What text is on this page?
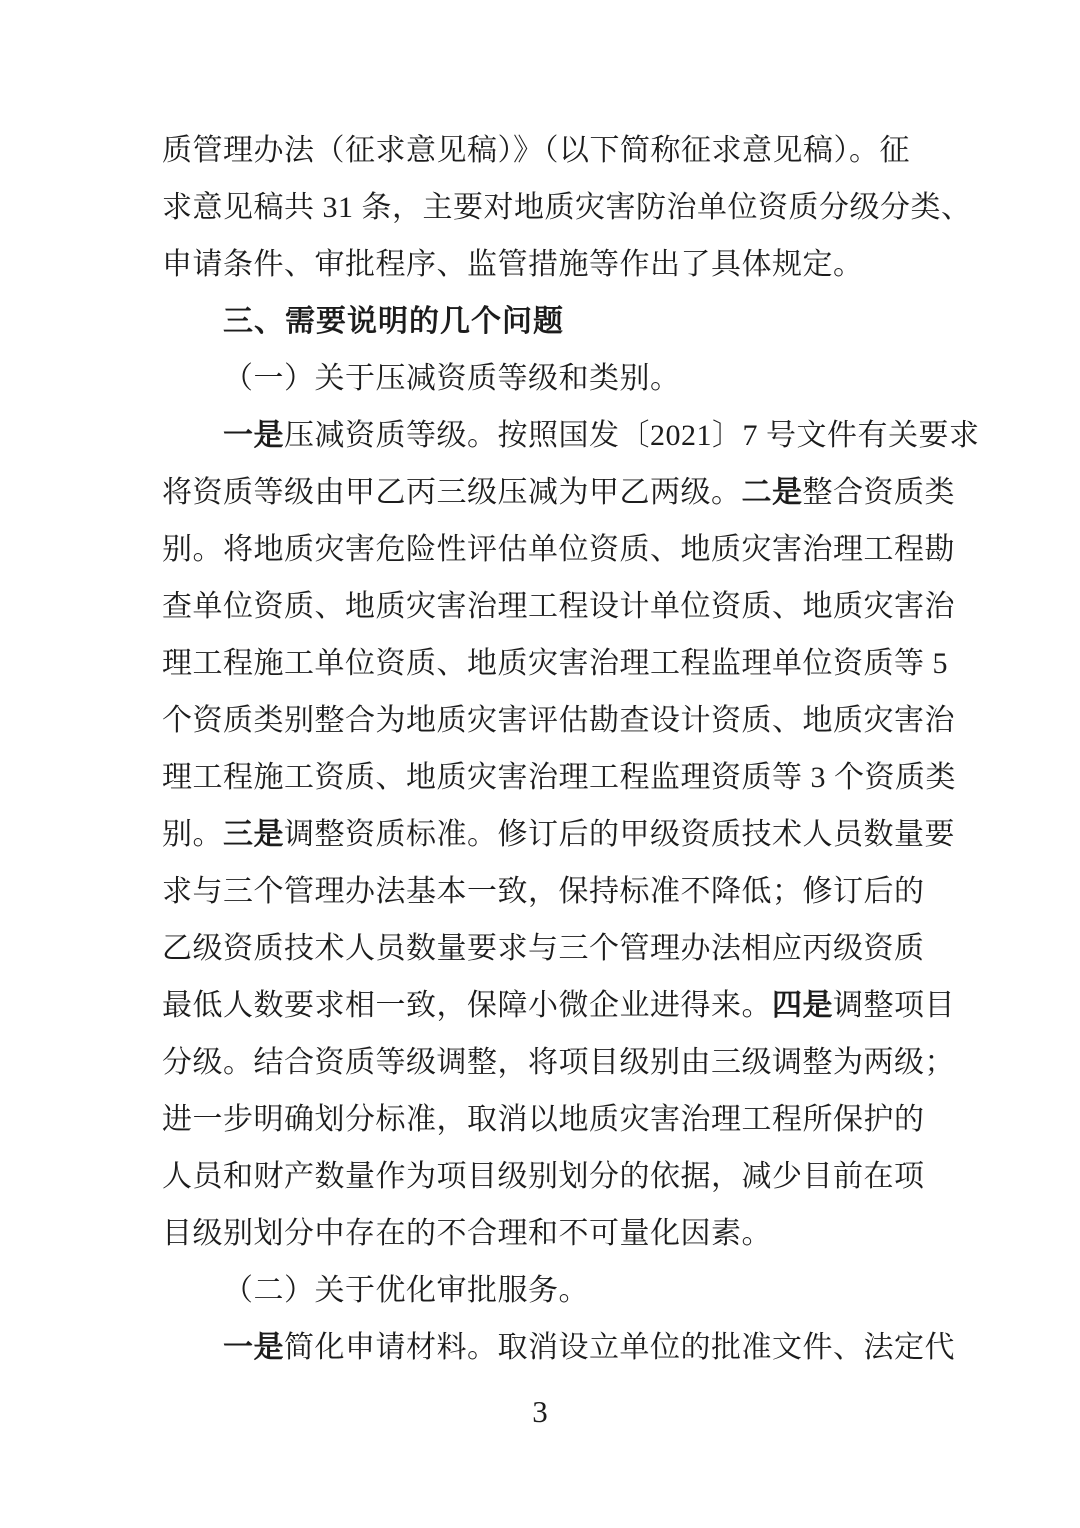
质管理办法（征求意见稿）》（以下简称征求意见稿）。征
求意见稿共 31 条，主要对地质灾害防治单位资质分级分类、
申请条件、审批程序、监管措施等作出了具体规定。
三、需要说明的几个问题
（一）关于压减资质等级和类别。
一是压减资质等级。按照国发〔2021〕7 号文件有关要求
将资质等级由甲乙丙三级压减为甲乙两级。二是整合资质类
别。将地质灾害危险性评估单位资质、地质灾害治理工程勘
查单位资质、地质灾害治理工程设计单位资质、地质灾害治
理工程施工单位资质、地质灾害治理工程监理单位资质等 5
个资质类别整合为地质灾害评估勘查设计资质、地质灾害治
理工程施工资质、地质灾害治理工程监理资质等 3 个资质类
别。三是调整资质标准。修订后的甲级资质技术人员数量要
求与三个管理办法基本一致，保持标准不降低；修订后的
乙级资质技术人员数量要求与三个管理办法相应丙级资质
最低人数要求相一致，保障小微企业进得来。四是调整项目
分级。结合资质等级调整，将项目级别由三级调整为两级；
进一步明确划分标准，取消以地质灾害治理工程所保护的
人员和财产数量作为项目级别划分的依据，减少目前在项
目级别划分中存在的不合理和不可量化因素。
（二）关于优化审批服务。
一是简化申请材料。取消设立单位的批准文件、法定代
3
